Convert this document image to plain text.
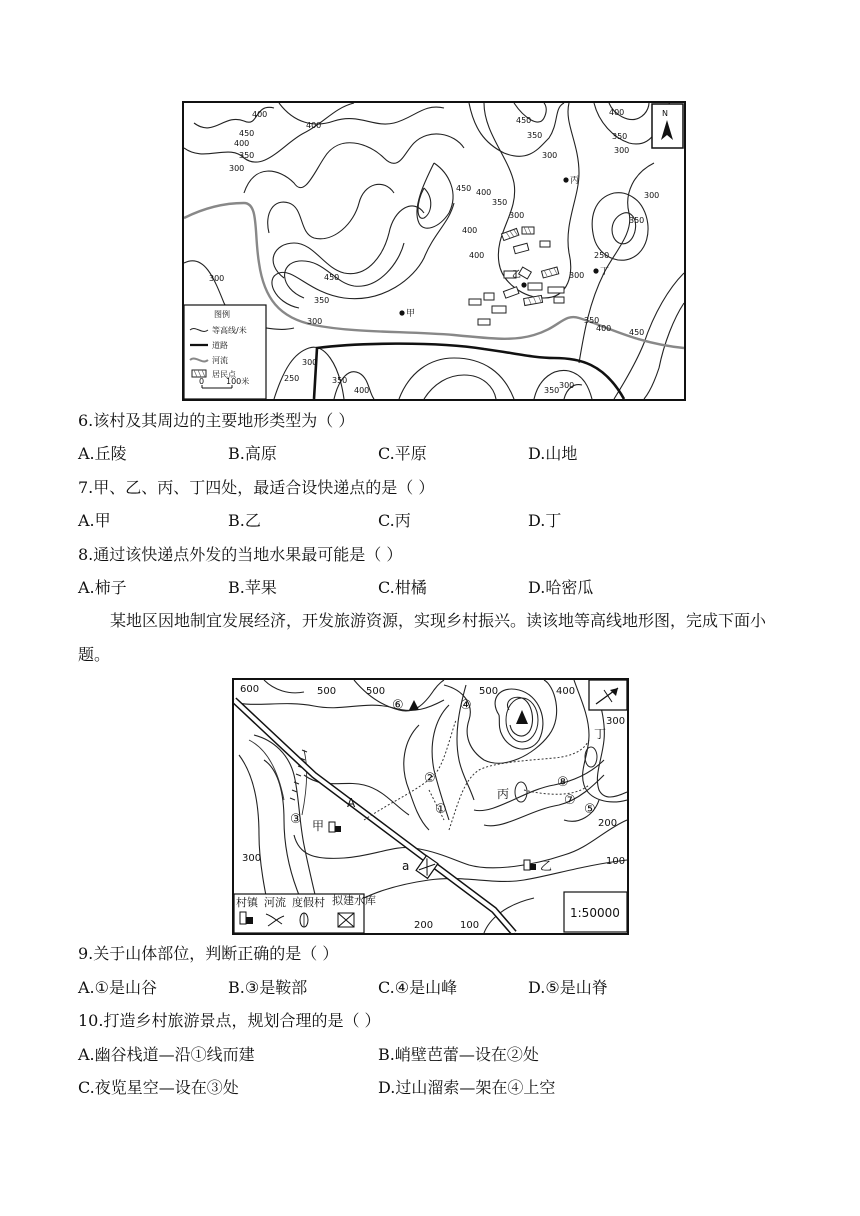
甲
乙
丙
丁
400
450
400
350
300
400
450 400
350
450
400
350
400
300
300
450
350
300
400
350
300
250
300
300
350
400 450
300
350
250
300
350
400	350
300
N
图例
等高线/米
道路
河流
居民点
0	100米
6.该村及其周边的主要地形类型为（ ）
A.丘陵	B.高原	C.平原	D.山地
7.甲、乙、丙、丁四处，最适合设快递点的是（ ）
A.甲	B.乙	C.丙	D.丁
8.通过该快递点外发的当地水果最可能是（ ）
A.柿子	B.苹果	C.柑橘	D.哈密瓜
某地区因地制宜发展经济，开发旅游资源，实现乡村振兴。读该地等高线地形图，完成下面小题。
600	500	500	500	400
300
300
200
100
200	100
①
②
③
④
⑤
⑥
⑦
⑧
A
a
甲
乙
丙
丁
村镇 河流 度假村 拟建水库
1:50000
9.关于山体部位，判断正确的是（ ）
A.①是山谷	B.③是鞍部	C.④是山峰	D.⑤是山脊
10.打造乡村旅游景点，规划合理的是（ ）
A.幽谷栈道—沿①线而建	B.峭壁芭蕾—设在②处
C.夜览星空—设在③处	D.过山溜索—架在④上空
